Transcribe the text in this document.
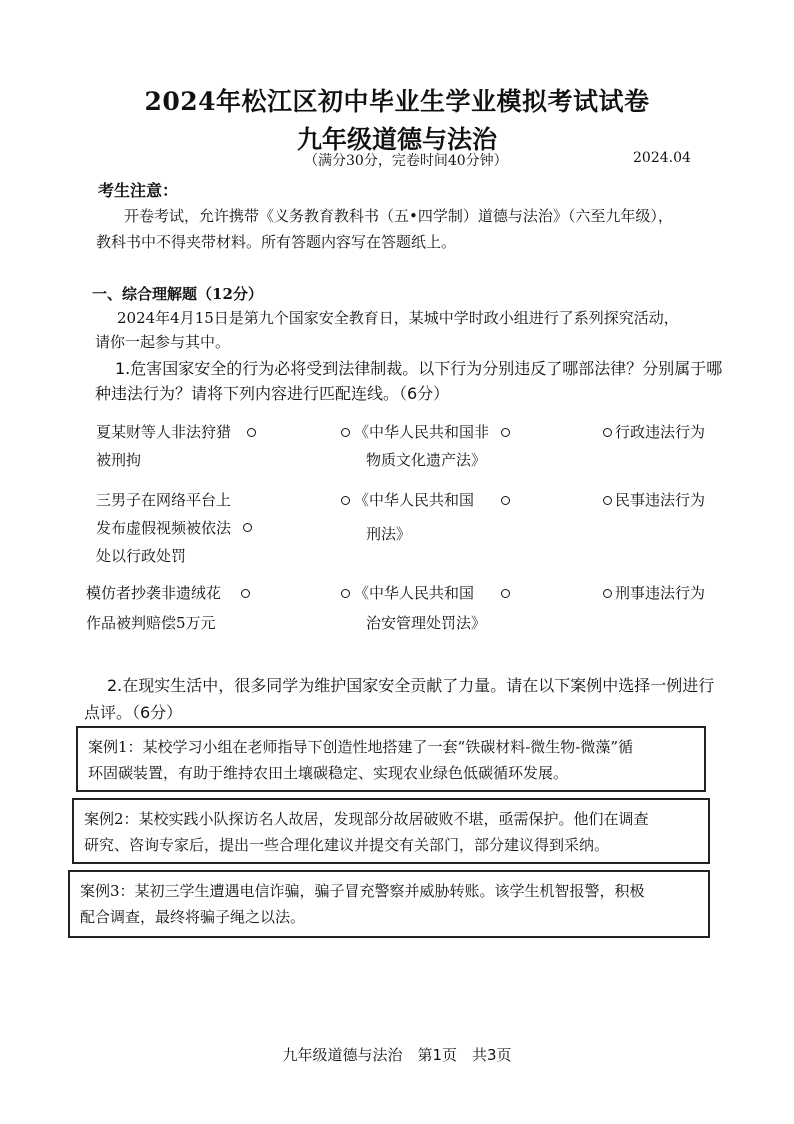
2024年松江区初中毕业生学业模拟考试试卷
九年级道德与法治
（满分30分，完卷时间40分钟）	2024.04
考生注意：
开卷考试，允许携带《义务教育教科书（五•四学制）道德与法治》（六至九年级），
教科书中不得夹带材料。所有答题内容写在答题纸上。
一、综合理解题（12分）
2024年4月15日是第九个国家安全教育日，某城中学时政小组进行了系列探究活动，
请你一起参与其中。
1.危害国家安全的行为必将受到法律制裁。以下行为分别违反了哪部法律？分别属于哪
种违法行为？请将下列内容进行匹配连线。（6分）
夏某财等人非法狩猎
被刑拘
《中华人民共和国非
物质文化遗产法》
行政违法行为
三男子在网络平台上
发布虚假视频被依法
处以行政处罚
《中华人民共和国
刑法》
民事违法行为
模仿者抄袭非遗绒花
作品被判赔偿5万元
《中华人民共和国
治安管理处罚法》
刑事违法行为
2.在现实生活中，很多同学为维护国家安全贡献了力量。请在以下案例中选择一例进行
点评。（6分）
案例1：某校学习小组在老师指导下创造性地搭建了一套“铁碳材料-微生物-微藻”循
环固碳装置，有助于维持农田土壤碳稳定、实现农业绿色低碳循环发展。
案例2：某校实践小队探访名人故居，发现部分故居破败不堪，亟需保护。他们在调查
研究、咨询专家后，提出一些合理化建议并提交有关部门，部分建议得到采纳。
案例3：某初三学生遭遇电信诈骗，骗子冒充警察并威胁转账。该学生机智报警，积极
配合调查，最终将骗子绳之以法。
九年级道德与法治　第1页　共3页
